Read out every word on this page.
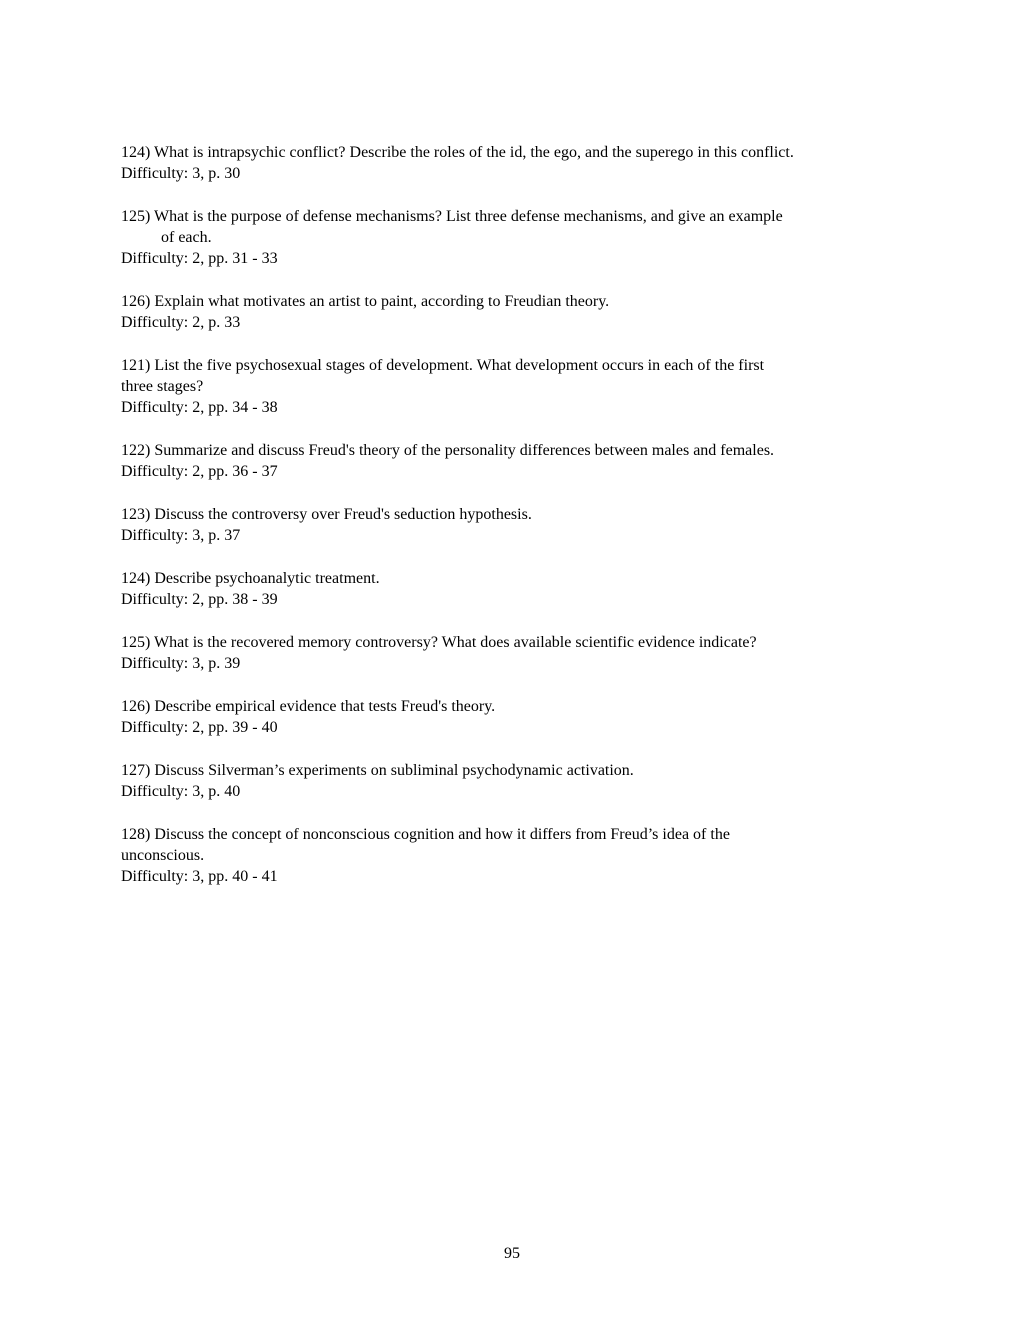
124) What is intrapsychic conflict? Describe the roles of the id, the ego, and the superego in this conflict.
Difficulty: 3, p. 30
125) What is the purpose of defense mechanisms? List three defense mechanisms, and give an example
of each.
Difficulty: 2, pp. 31 - 33
126) Explain what motivates an artist to paint, according to Freudian theory.
Difficulty: 2, p. 33
121) List the five psychosexual stages of development. What development occurs in each of the first
three stages?
Difficulty: 2, pp. 34 - 38
122) Summarize and discuss Freud's theory of the personality differences between males and females.
Difficulty: 2, pp. 36 - 37
123) Discuss the controversy over Freud's seduction hypothesis.
Difficulty: 3, p. 37
124) Describe psychoanalytic treatment.
Difficulty: 2, pp. 38 - 39
125) What is the recovered memory controversy? What does available scientific evidence indicate?
Difficulty: 3, p. 39
126) Describe empirical evidence that tests Freud's theory.
Difficulty: 2, pp. 39 - 40
127) Discuss Silverman’s experiments on subliminal psychodynamic activation.
Difficulty: 3, p. 40
128) Discuss the concept of nonconscious cognition and how it differs from Freud’s idea of the
unconscious.
Difficulty: 3, pp. 40 - 41
95
